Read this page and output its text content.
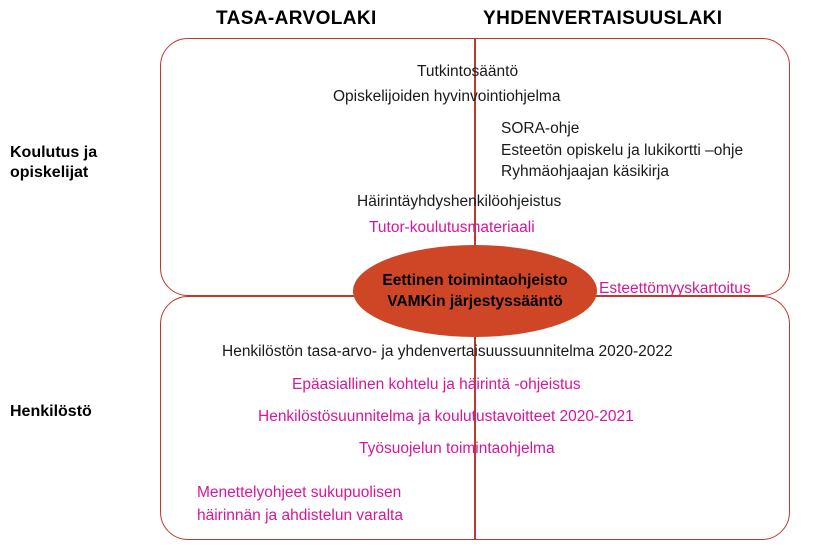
TASA-ARVOLAKI	YHDENVERTAISUUSLAKI
Koulutus ja
opiskelijat
Henkilöstö
Tutkintosääntö
Opiskelijoiden hyvinvointiohjelma
SORA-ohje
Esteetön opiskelu ja lukikortti –ohje
Ryhmäohjaajan käsikirja
Häirintäyhdyshenkilöohjeistus
Tutor-koulutusmateriaali
Eettinen toimintaohjeisto
VAMKin järjestyssääntö
Esteettömyyskartoitus
Henkilöstön tasa-arvo- ja yhdenvertaisuussuunnitelma 2020-2022
Epäasiallinen kohtelu ja häirintä -ohjeistus
Henkilöstösuunnitelma ja koulutustavoitteet 2020-2021
Työsuojelun toimintaohjelma
Menettelyohjeet sukupuolisen
häirinnän ja ahdistelun varalta
